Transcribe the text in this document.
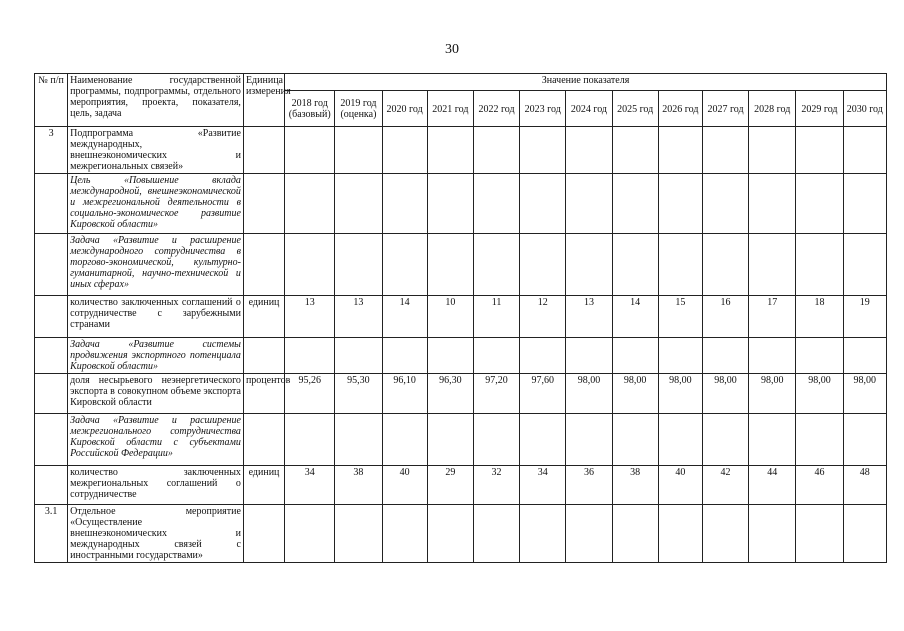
30
№ п/п	Наименование государственной программы, подпрограммы, отдельного мероприятия, проекта, показателя, цель, задача	Единица измерения	Значение показателя												
			2018 год (базовый)	2019 год (оценка)	2020 год	2021 год	2022 год	2023 год	2024 год	2025 год	2026 год	2027 год	2028 год	2029 год	2030 год
3	Подпрограмма «Развитие международных, внешнеэкономических и межрегиональных связей»														
	Цель «Повышение вклада международной, внешнеэкономической и межрегиональной деятельности в социально-экономическое развитие Кировской области»														
	Задача «Развитие и расширение международного сотрудничества в торгово-экономической, культурно-гуманитарной, научно-технической и иных сферах»														
	количество заключенных соглашений о сотрудничестве с зарубежными странами	единиц	13	13	14	10	11	12	13	14	15	16	17	18	19
	Задача «Развитие системы продвижения экспортного потенциала Кировской области»														
	доля несырьевого неэнергетического экспорта в совокупном объеме экспорта Кировской области	процентов	95,26	95,30	96,10	96,30	97,20	97,60	98,00	98,00	98,00	98,00	98,00	98,00	98,00
	Задача «Развитие и расширение межрегионального сотрудничества Кировской области с субъектами Российской Федерации»														
	количество заключенных межрегиональных соглашений о сотрудничестве	единиц	34	38	40	29	32	34	36	38	40	42	44	46	48
3.1	Отдельное мероприятие «Осуществление внешнеэкономических и международных связей с иностранными государствами»														
